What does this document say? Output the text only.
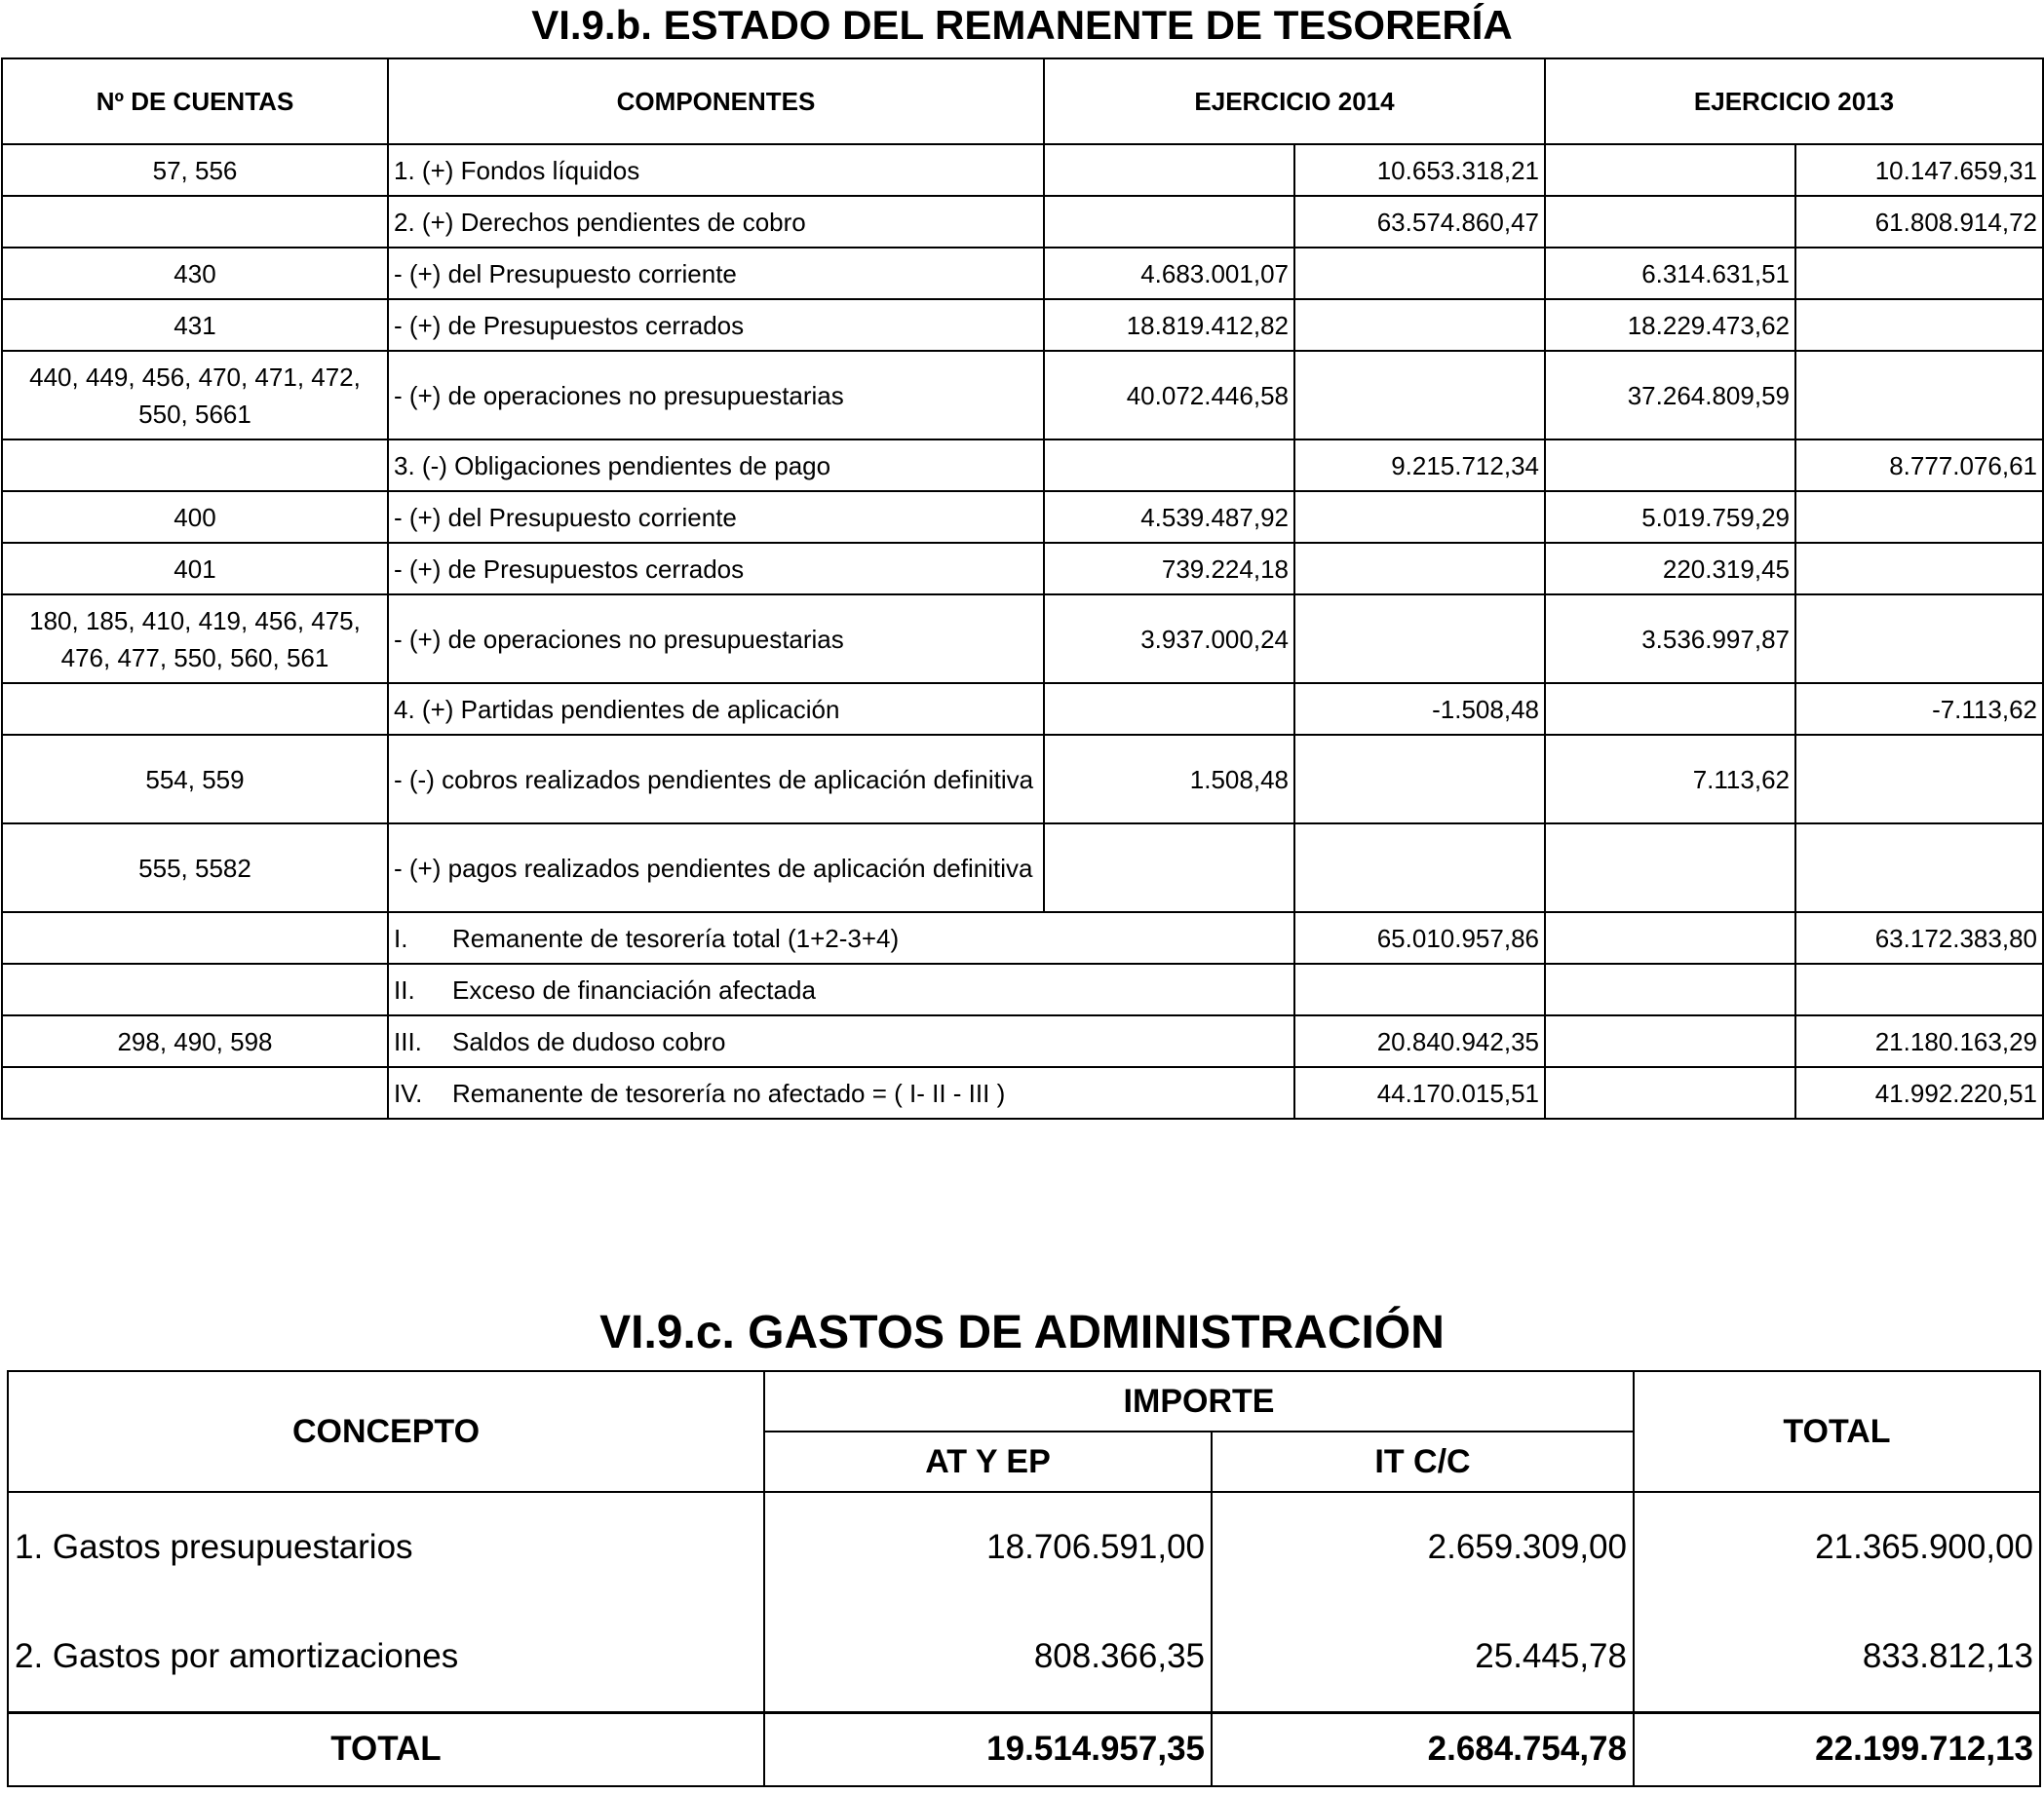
VI.9.b. ESTADO DEL REMANENTE DE TESORERÍA
Nº DE CUENTAS	COMPONENTES	EJERCICIO 2014		EJERCICIO 2013	
57, 556	1. (+) Fondos líquidos		10.653.318,21		10.147.659,31
	2. (+) Derechos pendientes de cobro		63.574.860,47		61.808.914,72
430	- (+) del Presupuesto corriente	4.683.001,07		6.314.631,51	
431	- (+) de Presupuestos cerrados	18.819.412,82		18.229.473,62	
440, 449, 456, 470, 471, 472, 550, 5661	- (+) de operaciones no presupuestarias	40.072.446,58		37.264.809,59	
	3. (-) Obligaciones pendientes de pago		9.215.712,34		8.777.076,61
400	- (+) del Presupuesto corriente	4.539.487,92		5.019.759,29	
401	- (+) de Presupuestos cerrados	739.224,18		220.319,45	
180, 185, 410, 419, 456, 475, 476, 477, 550, 560, 561	- (+) de operaciones no presupuestarias	3.937.000,24		3.536.997,87	
	4. (+) Partidas pendientes de aplicación		-1.508,48		-7.113,62
554, 559	- (-) cobros realizados pendientes de aplicación definitiva	1.508,48		7.113,62	
555, 5582	- (+) pagos realizados pendientes de aplicación definitiva				
	I. Remanente de tesorería total (1+2-3+4)		65.010.957,86		63.172.383,80
	II. Exceso de financiación afectada				
298, 490, 598	III. Saldos de dudoso cobro		20.840.942,35		21.180.163,29
	IV. Remanente de tesorería no afectado = ( I- II - III )		44.170.015,51		41.992.220,51
VI.9.c. GASTOS DE ADMINISTRACIÓN
CONCEPTO	IMPORTE		TOTAL
	AT Y EP	IT C/C	
1. Gastos presupuestarios	18.706.591,00	2.659.309,00	21.365.900,00
2. Gastos por amortizaciones	808.366,35	25.445,78	833.812,13
TOTAL	19.514.957,35	2.684.754,78	22.199.712,13
